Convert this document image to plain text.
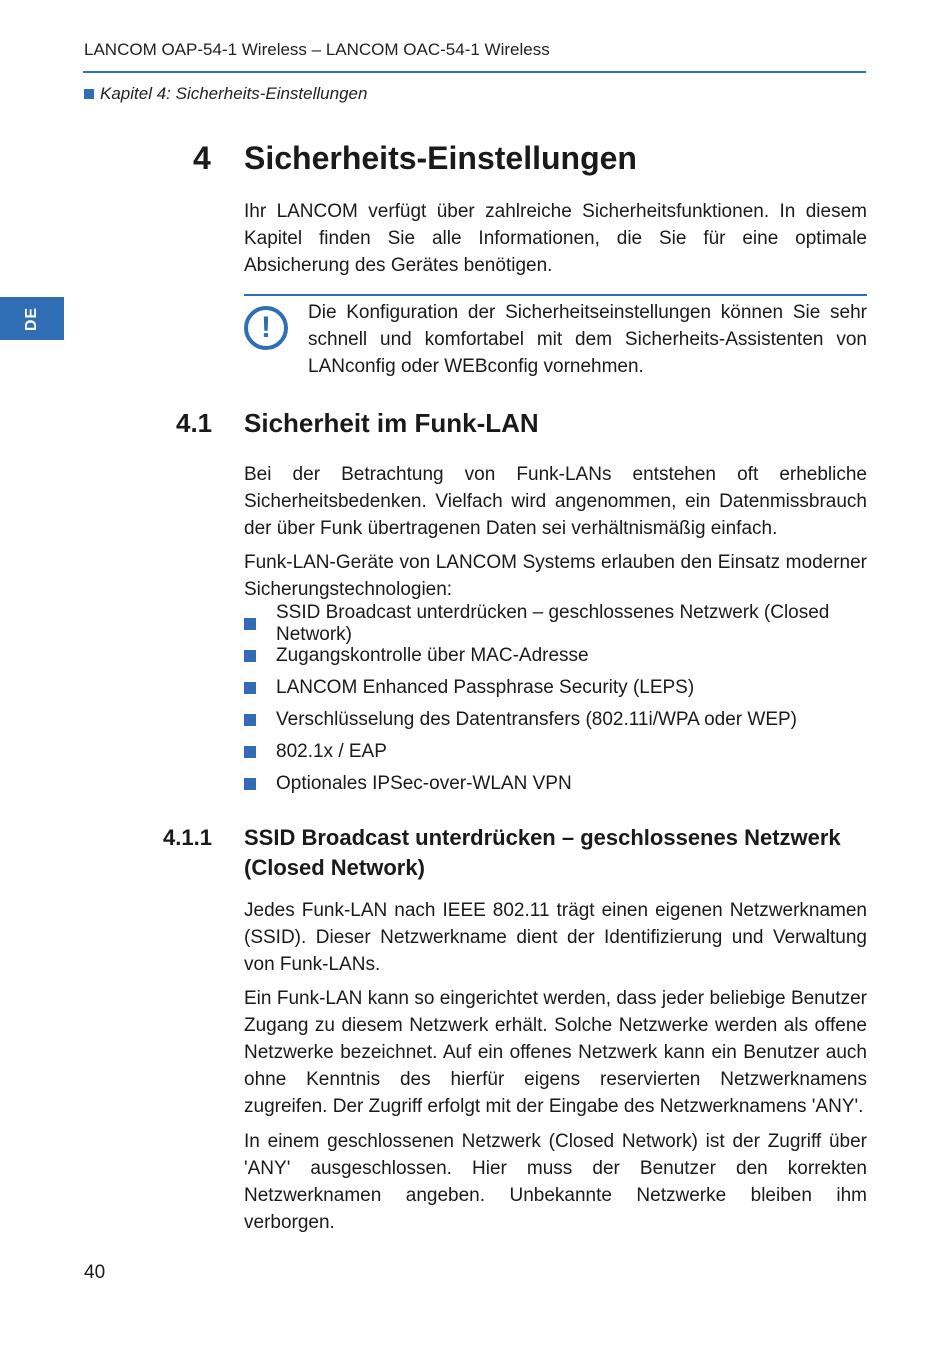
LANCOM OAP-54-1 Wireless – LANCOM OAC-54-1 Wireless
Kapitel 4: Sicherheits-Einstellungen
DE
4 Sicherheits-Einstellungen
Ihr LANCOM verfügt über zahlreiche Sicherheitsfunktionen. In diesem Kapitel finden Sie alle Informationen, die Sie für eine optimale Absicherung des Gerätes benötigen.
!	Die Konfiguration der Sicherheitseinstellungen können Sie sehr schnell und komfortabel mit dem Sicherheits-Assistenten von LANconfig oder WEBconfig vornehmen.
4.1 Sicherheit im Funk-LAN
Bei der Betrachtung von Funk-LANs entstehen oft erhebliche Sicherheitsbedenken. Vielfach wird angenommen, ein Datenmissbrauch der über Funk übertragenen Daten sei verhältnismäßig einfach.
Funk-LAN-Geräte von LANCOM Systems erlauben den Einsatz moderner Sicherungstechnologien:
SSID Broadcast unterdrücken – geschlossenes Netzwerk (Closed Network)
Zugangskontrolle über MAC-Adresse
LANCOM Enhanced Passphrase Security (LEPS)
Verschlüsselung des Datentransfers (802.11i/WPA oder WEP)
802.1x / EAP
Optionales IPSec-over-WLAN VPN
4.1.1 SSID Broadcast unterdrücken – geschlossenes Netzwerk (Closed Network)
Jedes Funk-LAN nach IEEE 802.11 trägt einen eigenen Netzwerknamen (SSID). Dieser Netzwerkname dient der Identifizierung und Verwaltung von Funk-LANs.
Ein Funk-LAN kann so eingerichtet werden, dass jeder beliebige Benutzer Zugang zu diesem Netzwerk erhält. Solche Netzwerke werden als offene Netzwerke bezeichnet. Auf ein offenes Netzwerk kann ein Benutzer auch ohne Kenntnis des hierfür eigens reservierten Netzwerknamens zugreifen. Der Zugriff erfolgt mit der Eingabe des Netzwerknamens 'ANY'.
In einem geschlossenen Netzwerk (Closed Network) ist der Zugriff über 'ANY' ausgeschlossen. Hier muss der Benutzer den korrekten Netzwerknamen angeben. Unbekannte Netzwerke bleiben ihm verborgen.
40
